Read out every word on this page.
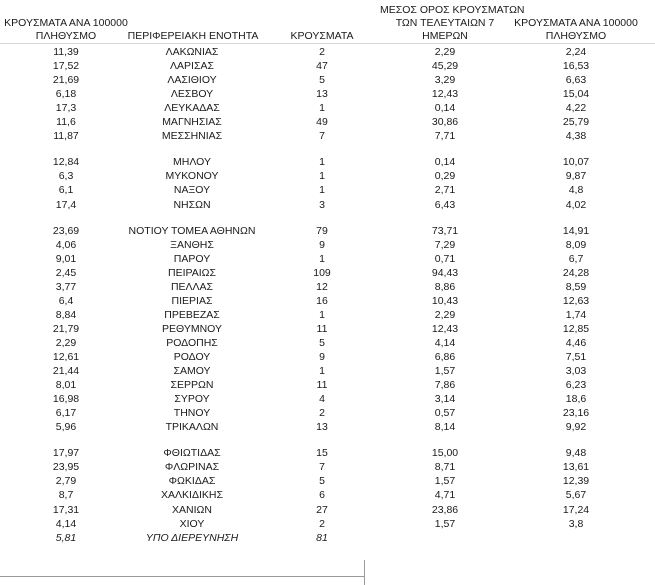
ΚΡΟΥΣΜΑΤΑ ΑΝΑ 100000
ΠΛΗΘΥΣΜΟ	ΠΕΡΙΦΕΡΕΙΑΚΗ ΕΝΟΤΗΤΑ	ΚΡΟΥΣΜΑΤΑ
ΜΕΣΟΣ ΟΡΟΣ ΚΡΟΥΣΜΑΤΩΝ
ΤΩΝ ΤΕΛΕΥΤΑΙΩΝ 7
ΗΜΕΡΩΝ
ΚΡΟΥΣΜΑΤΑ ΑΝΑ 100000
ΠΛΗΘΥΣΜΟ
11,39	ΛΑΚΩΝΙΑΣ	2	2,29	2,24
17,52	ΛΑΡΙΣΑΣ	47	45,29	16,53
21,69	ΛΑΣΙΘΙΟΥ	5	3,29	6,63
6,18	ΛΕΣΒΟΥ	13	12,43	15,04
17,3	ΛΕΥΚΑΔΑΣ	1	0,14	4,22
11,6	ΜΑΓΝΗΣΙΑΣ	49	30,86	25,79
11,87	ΜΕΣΣΗΝΙΑΣ	7	7,71	4,38
12,84	ΜΗΛΟΥ	1	0,14	10,07
6,3	ΜΥΚΟΝΟΥ	1	0,29	9,87
6,1	ΝΑΞΟΥ	1	2,71	4,8
17,4	ΝΗΣΩΝ	3	6,43	4,02
23,69	ΝΟΤΙΟΥ ΤΟΜΕΑ ΑΘΗΝΩΝ	79	73,71	14,91
4,06	ΞΑΝΘΗΣ	9	7,29	8,09
9,01	ΠΑΡΟΥ	1	0,71	6,7
2,45	ΠΕΙΡΑΙΩΣ	109	94,43	24,28
3,77	ΠΕΛΛΑΣ	12	8,86	8,59
6,4	ΠΙΕΡΙΑΣ	16	10,43	12,63
8,84	ΠΡΕΒΕΖΑΣ	1	2,29	1,74
21,79	ΡΕΘΥΜΝΟΥ	11	12,43	12,85
2,29	ΡΟΔΟΠΗΣ	5	4,14	4,46
12,61	ΡΟΔΟΥ	9	6,86	7,51
21,44	ΣΑΜΟΥ	1	1,57	3,03
8,01	ΣΕΡΡΩΝ	11	7,86	6,23
16,98	ΣΥΡΟΥ	4	3,14	18,6
6,17	ΤΗΝΟΥ	2	0,57	23,16
5,96	ΤΡΙΚΑΛΩΝ	13	8,14	9,92
17,97	ΦΘΙΩΤΙΔΑΣ	15	15,00	9,48
23,95	ΦΛΩΡΙΝΑΣ	7	8,71	13,61
2,79	ΦΩΚΙΔΑΣ	5	1,57	12,39
8,7	ΧΑΛΚΙΔΙΚΗΣ	6	4,71	5,67
17,31	ΧΑΝΙΩΝ	27	23,86	17,24
4,14	ΧΙΟΥ	2	1,57	3,8
5,81	ΥΠΟ ΔΙΕΡΕΥΝΗΣΗ	81
